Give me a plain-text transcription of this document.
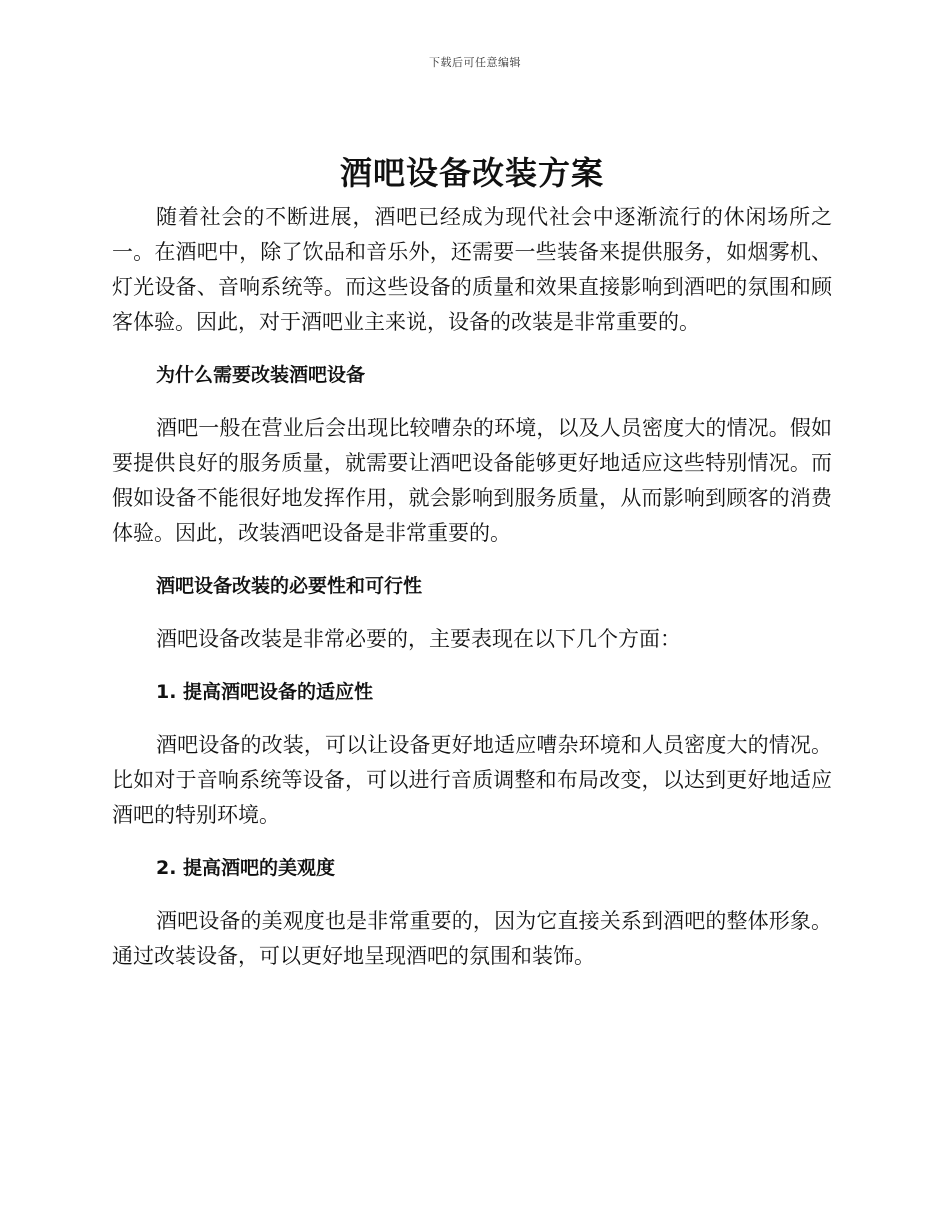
下载后可任意编辑
酒吧设备改装方案

随着社会的不断进展，酒吧已经成为现代社会中逐渐流行的休闲场所之一。在酒吧中，除了饮品和音乐外，还需要一些装备来提供服务，如烟雾机、灯光设备、音响系统等。而这些设备的质量和效果直接影响到酒吧的氛围和顾客体验。因此，对于酒吧业主来说，设备的改装是非常重要的。

为什么需要改装酒吧设备

酒吧一般在营业后会出现比较嘈杂的环境，以及人员密度大的情况。假如要提供良好的服务质量，就需要让酒吧设备能够更好地适应这些特别情况。而假如设备不能很好地发挥作用，就会影响到服务质量，从而影响到顾客的消费体验。因此，改装酒吧设备是非常重要的。

酒吧设备改装的必要性和可行性

酒吧设备改装是非常必要的，主要表现在以下几个方面：

1. 提高酒吧设备的适应性

酒吧设备的改装，可以让设备更好地适应嘈杂环境和人员密度大的情况。比如对于音响系统等设备，可以进行音质调整和布局改变，以达到更好地适应酒吧的特别环境。

2. 提高酒吧的美观度

酒吧设备的美观度也是非常重要的，因为它直接关系到酒吧的整体形象。通过改装设备，可以更好地呈现酒吧的氛围和装饰。
